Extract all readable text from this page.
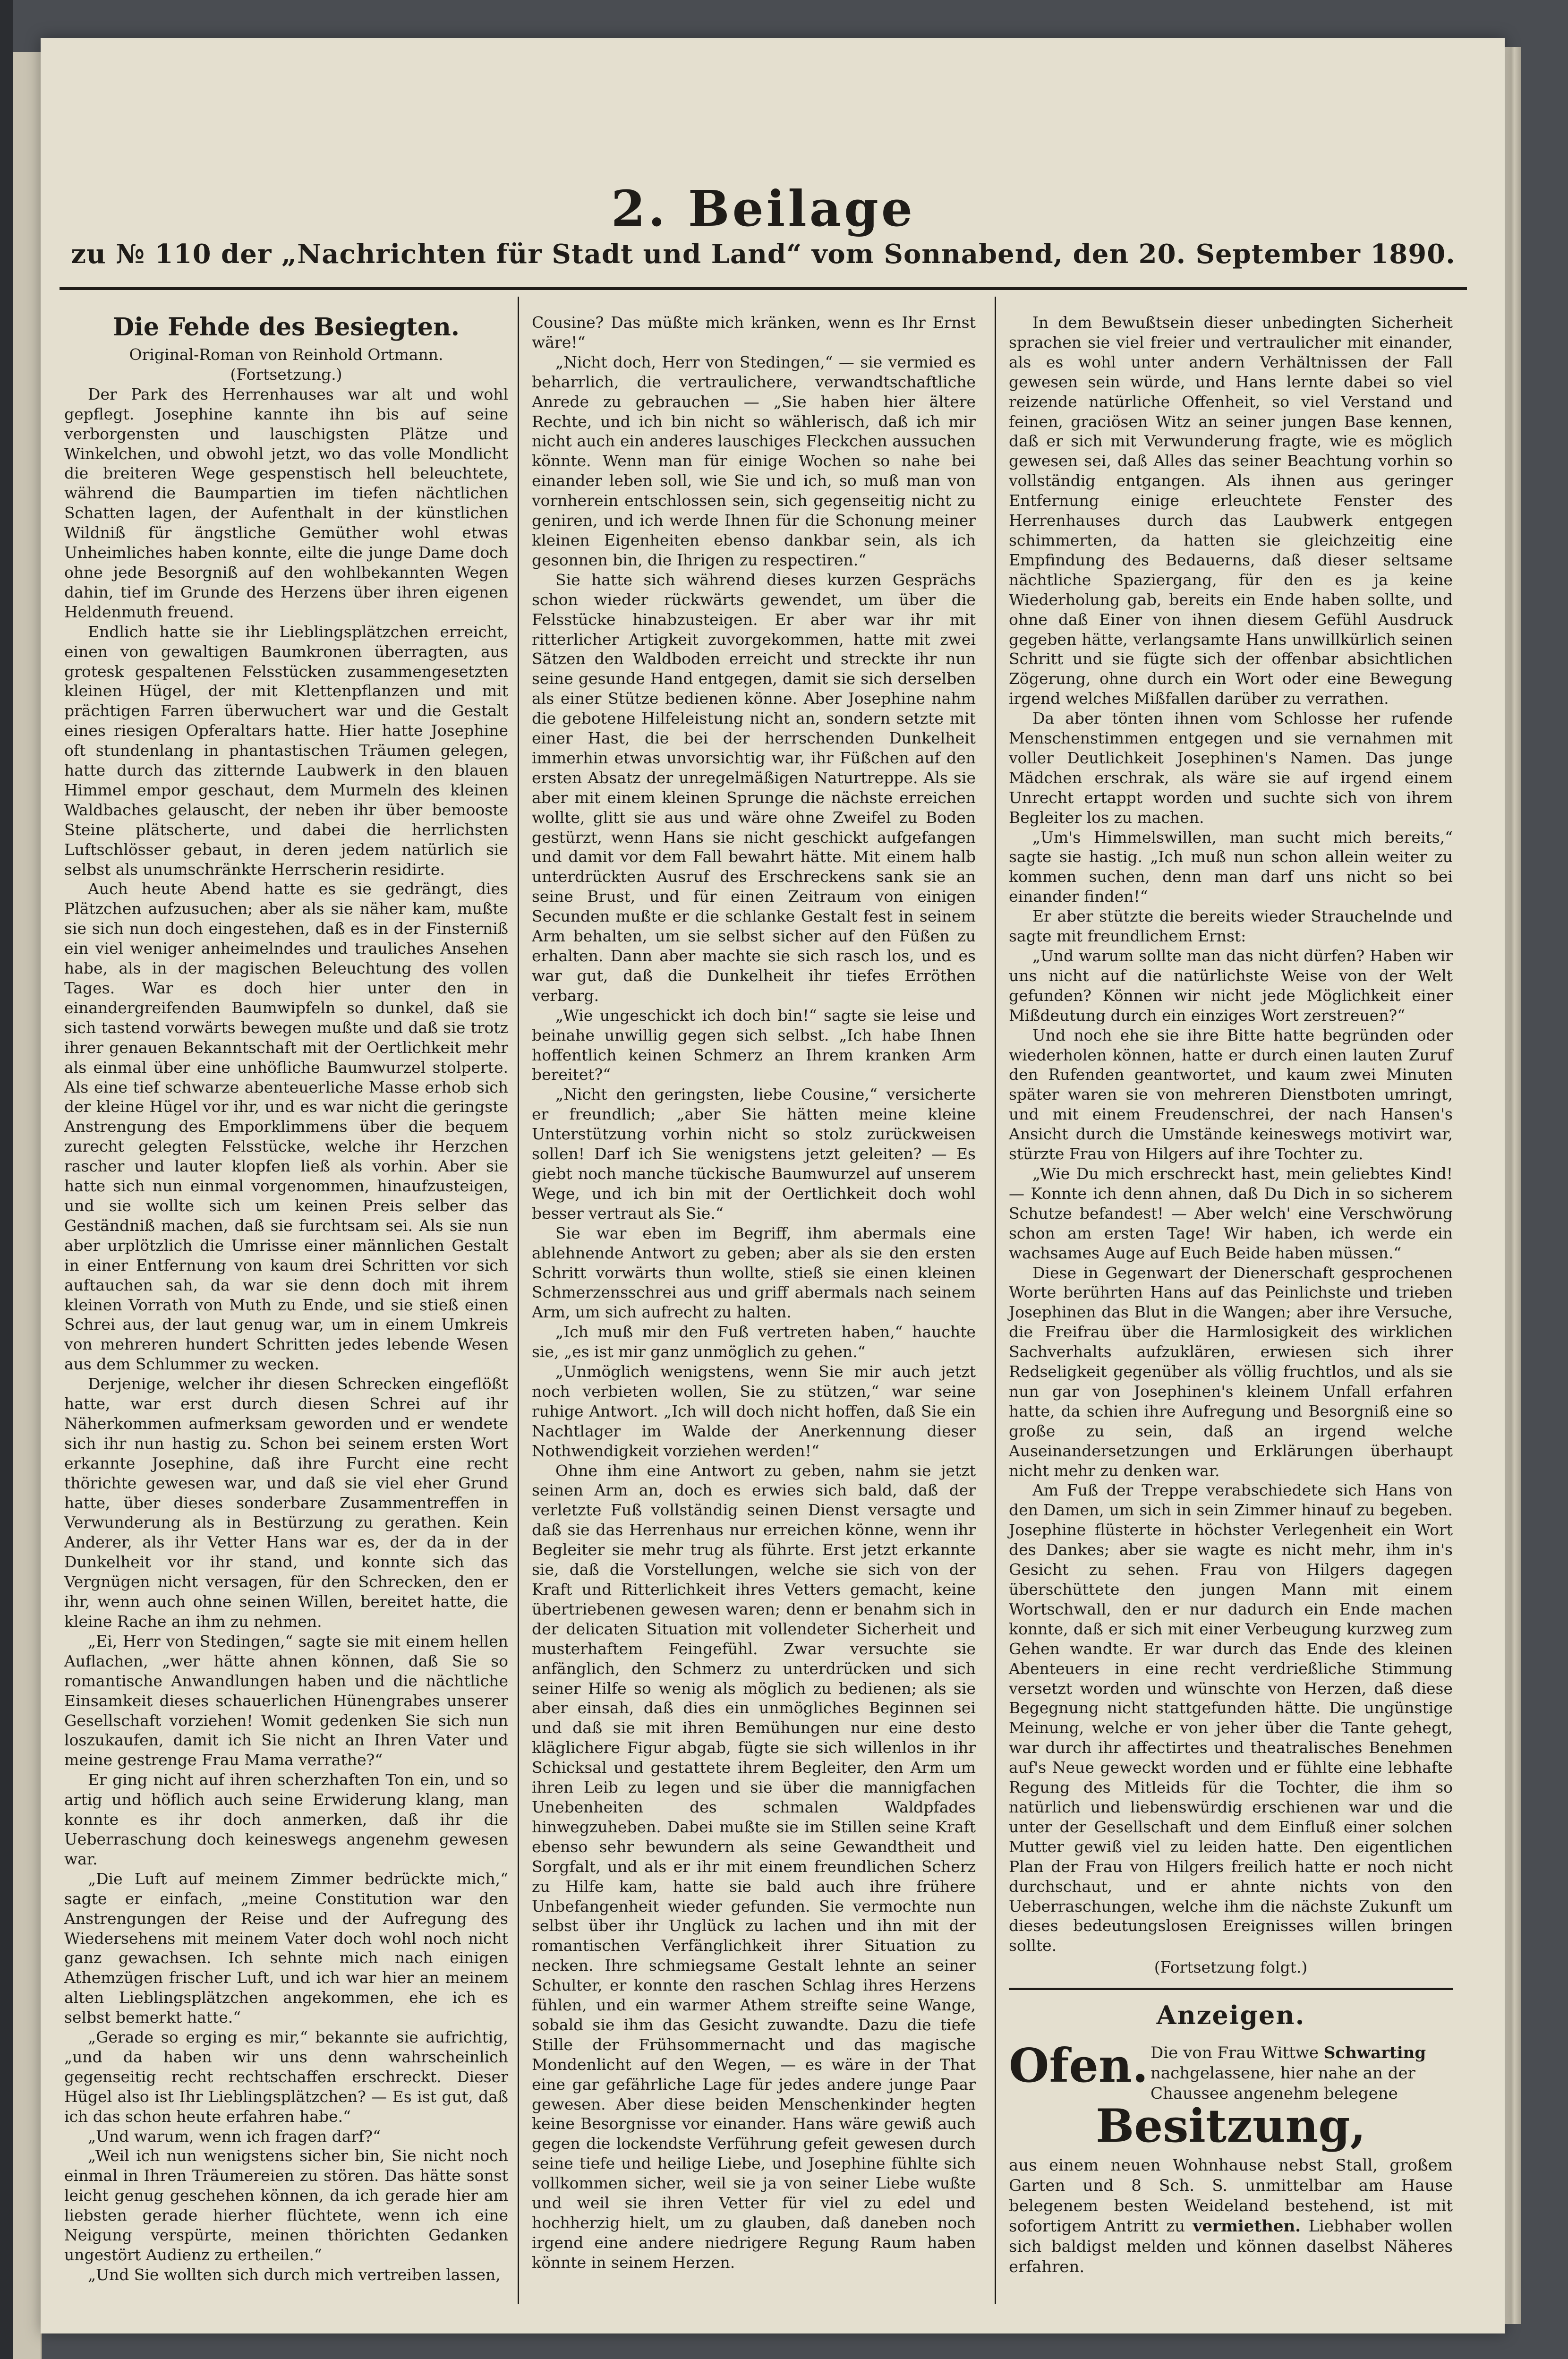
2. Beilage
zu № 110 der „Nachrichten für Stadt und Land“ vom Sonnabend, den 20. September 1890.
Die Fehde des Besiegten.

Original-Roman von Reinhold Ortmann.

(Fortsetzung.)

Der Park des Herrenhauses war alt und wohl gepflegt. Josephine kannte ihn bis auf seine verborgensten und lauschigsten Plätze und Winkelchen, und obwohl jetzt, wo das volle Mondlicht die breiteren Wege gespenstisch hell beleuchtete, während die Baumpartien im tiefen nächtlichen Schatten lagen, der Aufenthalt in der künstlichen Wildniß für ängstliche Gemüther wohl etwas Unheimliches haben konnte, eilte die junge Dame doch ohne jede Besorgniß auf den wohlbekannten Wegen dahin, tief im Grunde des Herzens über ihren eigenen Heldenmuth freuend.

Endlich hatte sie ihr Lieblingsplätzchen erreicht, einen von gewaltigen Baumkronen überragten, aus grotesk gespaltenen Felsstücken zusammengesetzten kleinen Hügel, der mit Klettenpflanzen und mit prächtigen Farren überwuchert war und die Gestalt eines riesigen Opferaltars hatte. Hier hatte Josephine oft stundenlang in phantastischen Träumen gelegen, hatte durch das zitternde Laubwerk in den blauen Himmel empor geschaut, dem Murmeln des kleinen Waldbaches gelauscht, der neben ihr über bemooste Steine plätscherte, und dabei die herrlichsten Luftschlösser gebaut, in deren jedem natürlich sie selbst als unumschränkte Herrscherin residirte.

Auch heute Abend hatte es sie gedrängt, dies Plätzchen aufzusuchen; aber als sie näher kam, mußte sie sich nun doch eingestehen, daß es in der Finsterniß ein viel weniger anheimelndes und trauliches Ansehen habe, als in der magischen Beleuchtung des vollen Tages. War es doch hier unter den in einandergreifenden Baumwipfeln so dunkel, daß sie sich tastend vorwärts bewegen mußte und daß sie trotz ihrer genauen Bekanntschaft mit der Oertlichkeit mehr als einmal über eine unhöfliche Baumwurzel stolperte. Als eine tief schwarze abenteuerliche Masse erhob sich der kleine Hügel vor ihr, und es war nicht die geringste Anstrengung des Emporklimmens über die bequem zurecht gelegten Felsstücke, welche ihr Herzchen rascher und lauter klopfen ließ als vorhin. Aber sie hatte sich nun einmal vorgenommen, hinaufzusteigen, und sie wollte sich um keinen Preis selber das Geständniß machen, daß sie furchtsam sei. Als sie nun aber urplötzlich die Umrisse einer männlichen Gestalt in einer Entfernung von kaum drei Schritten vor sich auftauchen sah, da war sie denn doch mit ihrem kleinen Vorrath von Muth zu Ende, und sie stieß einen Schrei aus, der laut genug war, um in einem Umkreis von mehreren hundert Schritten jedes lebende Wesen aus dem Schlummer zu wecken.

Derjenige, welcher ihr diesen Schrecken eingeflößt hatte, war erst durch diesen Schrei auf ihr Näherkommen aufmerksam geworden und er wendete sich ihr nun hastig zu. Schon bei seinem ersten Wort erkannte Josephine, daß ihre Furcht eine recht thörichte gewesen war, und daß sie viel eher Grund hatte, über dieses sonderbare Zusammentreffen in Verwunderung als in Bestürzung zu gerathen. Kein Anderer, als ihr Vetter Hans war es, der da in der Dunkelheit vor ihr stand, und konnte sich das Vergnügen nicht versagen, für den Schrecken, den er ihr, wenn auch ohne seinen Willen, bereitet hatte, die kleine Rache an ihm zu nehmen.

„Ei, Herr von Stedingen,“ sagte sie mit einem hellen Auflachen, „wer hätte ahnen können, daß Sie so romantische Anwandlungen haben und die nächtliche Einsamkeit dieses schauerlichen Hünengrabes unserer Gesellschaft vorziehen! Womit gedenken Sie sich nun loszukaufen, damit ich Sie nicht an Ihren Vater und meine gestrenge Frau Mama verrathe?“

Er ging nicht auf ihren scherzhaften Ton ein, und so artig und höflich auch seine Erwiderung klang, man konnte es ihr doch anmerken, daß ihr die Ueberraschung doch keineswegs angenehm gewesen war.

„Die Luft auf meinem Zimmer bedrückte mich,“ sagte er einfach, „meine Constitution war den Anstrengungen der Reise und der Aufregung des Wiedersehens mit meinem Vater doch wohl noch nicht ganz gewachsen. Ich sehnte mich nach einigen Athemzügen frischer Luft, und ich war hier an meinem alten Lieblingsplätzchen angekommen, ehe ich es selbst bemerkt hatte.“

„Gerade so erging es mir,“ bekannte sie aufrichtig, „und da haben wir uns denn wahrscheinlich gegenseitig recht rechtschaffen erschreckt. Dieser Hügel also ist Ihr Lieblingsplätzchen? — Es ist gut, daß ich das schon heute erfahren habe.“

„Und warum, wenn ich fragen darf?“

„Weil ich nun wenigstens sicher bin, Sie nicht noch einmal in Ihren Träumereien zu stören. Das hätte sonst leicht genug geschehen können, da ich gerade hier am liebsten gerade hierher flüchtete, wenn ich eine Neigung verspürte, meinen thörichten Gedanken ungestört Audienz zu ertheilen.“

„Und Sie wollten sich durch mich vertreiben lassen,

Cousine? Das müßte mich kränken, wenn es Ihr Ernst wäre!“

„Nicht doch, Herr von Stedingen,“ — sie vermied es beharrlich, die vertraulichere, verwandtschaftliche Anrede zu gebrauchen — „Sie haben hier ältere Rechte, und ich bin nicht so wählerisch, daß ich mir nicht auch ein anderes lauschiges Fleckchen aussuchen könnte. Wenn man für einige Wochen so nahe bei einander leben soll, wie Sie und ich, so muß man von vornherein entschlossen sein, sich gegenseitig nicht zu geniren, und ich werde Ihnen für die Schonung meiner kleinen Eigenheiten ebenso dankbar sein, als ich gesonnen bin, die Ihrigen zu respectiren.“

Sie hatte sich während dieses kurzen Gesprächs schon wieder rückwärts gewendet, um über die Felsstücke hinabzusteigen. Er aber war ihr mit ritterlicher Artigkeit zuvorgekommen, hatte mit zwei Sätzen den Waldboden erreicht und streckte ihr nun seine gesunde Hand entgegen, damit sie sich derselben als einer Stütze bedienen könne. Aber Josephine nahm die gebotene Hilfeleistung nicht an, sondern setzte mit einer Hast, die bei der herrschenden Dunkelheit immerhin etwas unvorsichtig war, ihr Füßchen auf den ersten Absatz der unregelmäßigen Naturtreppe. Als sie aber mit einem kleinen Sprunge die nächste erreichen wollte, glitt sie aus und wäre ohne Zweifel zu Boden gestürzt, wenn Hans sie nicht geschickt aufgefangen und damit vor dem Fall bewahrt hätte. Mit einem halb unterdrückten Ausruf des Erschreckens sank sie an seine Brust, und für einen Zeitraum von einigen Secunden mußte er die schlanke Gestalt fest in seinem Arm behalten, um sie selbst sicher auf den Füßen zu erhalten. Dann aber machte sie sich rasch los, und es war gut, daß die Dunkelheit ihr tiefes Erröthen verbarg.

„Wie ungeschickt ich doch bin!“ sagte sie leise und beinahe unwillig gegen sich selbst. „Ich habe Ihnen hoffentlich keinen Schmerz an Ihrem kranken Arm bereitet?“

„Nicht den geringsten, liebe Cousine,“ versicherte er freundlich; „aber Sie hätten meine kleine Unterstützung vorhin nicht so stolz zurückweisen sollen! Darf ich Sie wenigstens jetzt geleiten? — Es giebt noch manche tückische Baumwurzel auf unserem Wege, und ich bin mit der Oertlichkeit doch wohl besser vertraut als Sie.“

Sie war eben im Begriff, ihm abermals eine ablehnende Antwort zu geben; aber als sie den ersten Schritt vorwärts thun wollte, stieß sie einen kleinen Schmerzensschrei aus und griff abermals nach seinem Arm, um sich aufrecht zu halten.

„Ich muß mir den Fuß vertreten haben,“ hauchte sie, „es ist mir ganz unmöglich zu gehen.“

„Unmöglich wenigstens, wenn Sie mir auch jetzt noch verbieten wollen, Sie zu stützen,“ war seine ruhige Antwort. „Ich will doch nicht hoffen, daß Sie ein Nachtlager im Walde der Anerkennung dieser Nothwendigkeit vorziehen werden!“

Ohne ihm eine Antwort zu geben, nahm sie jetzt seinen Arm an, doch es erwies sich bald, daß der verletzte Fuß vollständig seinen Dienst versagte und daß sie das Herrenhaus nur erreichen könne, wenn ihr Begleiter sie mehr trug als führte. Erst jetzt erkannte sie, daß die Vorstellungen, welche sie sich von der Kraft und Ritterlichkeit ihres Vetters gemacht, keine übertriebenen gewesen waren; denn er benahm sich in der delicaten Situation mit vollendeter Sicherheit und musterhaftem Feingefühl. Zwar versuchte sie anfänglich, den Schmerz zu unterdrücken und sich seiner Hilfe so wenig als möglich zu bedienen; als sie aber einsah, daß dies ein unmögliches Beginnen sei und daß sie mit ihren Bemühungen nur eine desto kläglichere Figur abgab, fügte sie sich willenlos in ihr Schicksal und gestattete ihrem Begleiter, den Arm um ihren Leib zu legen und sie über die mannigfachen Unebenheiten des schmalen Waldpfades hinwegzuheben. Dabei mußte sie im Stillen seine Kraft ebenso sehr bewundern als seine Gewandtheit und Sorgfalt, und als er ihr mit einem freundlichen Scherz zu Hilfe kam, hatte sie bald auch ihre frühere Unbefangenheit wieder gefunden. Sie vermochte nun selbst über ihr Unglück zu lachen und ihn mit der romantischen Verfänglichkeit ihrer Situation zu necken. Ihre schmiegsame Gestalt lehnte an seiner Schulter, er konnte den raschen Schlag ihres Herzens fühlen, und ein warmer Athem streifte seine Wange, sobald sie ihm das Gesicht zuwandte. Dazu die tiefe Stille der Frühsommernacht und das magische Mondenlicht auf den Wegen, — es wäre in der That eine gar gefährliche Lage für jedes andere junge Paar gewesen. Aber diese beiden Menschenkinder hegten keine Besorgnisse vor einander. Hans wäre gewiß auch gegen die lockendste Verführung gefeit gewesen durch seine tiefe und heilige Liebe, und Josephine fühlte sich vollkommen sicher, weil sie ja von seiner Liebe wußte und weil sie ihren Vetter für viel zu edel und hochherzig hielt, um zu glauben, daß daneben noch irgend eine andere niedrigere Regung Raum haben könnte in seinem Herzen.

In dem Bewußtsein dieser unbedingten Sicherheit sprachen sie viel freier und vertraulicher mit einander, als es wohl unter andern Verhältnissen der Fall gewesen sein würde, und Hans lernte dabei so viel reizende natürliche Offenheit, so viel Verstand und feinen, graciösen Witz an seiner jungen Base kennen, daß er sich mit Verwunderung fragte, wie es möglich gewesen sei, daß Alles das seiner Beachtung vorhin so vollständig entgangen. Als ihnen aus geringer Entfernung einige erleuchtete Fenster des Herrenhauses durch das Laubwerk entgegen schimmerten, da hatten sie gleichzeitig eine Empfindung des Bedauerns, daß dieser seltsame nächtliche Spaziergang, für den es ja keine Wiederholung gab, bereits ein Ende haben sollte, und ohne daß Einer von ihnen diesem Gefühl Ausdruck gegeben hätte, verlangsamte Hans unwillkürlich seinen Schritt und sie fügte sich der offenbar absichtlichen Zögerung, ohne durch ein Wort oder eine Bewegung irgend welches Mißfallen darüber zu verrathen.

Da aber tönten ihnen vom Schlosse her rufende Menschenstimmen entgegen und sie vernahmen mit voller Deutlichkeit Josephinen's Namen. Das junge Mädchen erschrak, als wäre sie auf irgend einem Unrecht ertappt worden und suchte sich von ihrem Begleiter los zu machen.

„Um's Himmelswillen, man sucht mich bereits,“ sagte sie hastig. „Ich muß nun schon allein weiter zu kommen suchen, denn man darf uns nicht so bei einander finden!“

Er aber stützte die bereits wieder Strauchelnde und sagte mit freundlichem Ernst:

„Und warum sollte man das nicht dürfen? Haben wir uns nicht auf die natürlichste Weise von der Welt gefunden? Können wir nicht jede Möglichkeit einer Mißdeutung durch ein einziges Wort zerstreuen?“

Und noch ehe sie ihre Bitte hatte begründen oder wiederholen können, hatte er durch einen lauten Zuruf den Rufenden geantwortet, und kaum zwei Minuten später waren sie von mehreren Dienstboten umringt, und mit einem Freudenschrei, der nach Hansen's Ansicht durch die Umstände keineswegs motivirt war, stürzte Frau von Hilgers auf ihre Tochter zu.

„Wie Du mich erschreckt hast, mein geliebtes Kind! — Konnte ich denn ahnen, daß Du Dich in so sicherem Schutze befandest! — Aber welch' eine Verschwörung schon am ersten Tage! Wir haben, ich werde ein wachsames Auge auf Euch Beide haben müssen.“

Diese in Gegenwart der Dienerschaft gesprochenen Worte berührten Hans auf das Peinlichste und trieben Josephinen das Blut in die Wangen; aber ihre Versuche, die Freifrau über die Harmlosigkeit des wirklichen Sachverhalts aufzuklären, erwiesen sich ihrer Redseligkeit gegenüber als völlig fruchtlos, und als sie nun gar von Josephinen's kleinem Unfall erfahren hatte, da schien ihre Aufregung und Besorgniß eine so große zu sein, daß an irgend welche Auseinandersetzungen und Erklärungen überhaupt nicht mehr zu denken war.

Am Fuß der Treppe verabschiedete sich Hans von den Damen, um sich in sein Zimmer hinauf zu begeben. Josephine flüsterte in höchster Verlegenheit ein Wort des Dankes; aber sie wagte es nicht mehr, ihm in's Gesicht zu sehen. Frau von Hilgers dagegen überschüttete den jungen Mann mit einem Wortschwall, den er nur dadurch ein Ende machen konnte, daß er sich mit einer Verbeugung kurzweg zum Gehen wandte. Er war durch das Ende des kleinen Abenteuers in eine recht verdrießliche Stimmung versetzt worden und wünschte von Herzen, daß diese Begegnung nicht stattgefunden hätte. Die ungünstige Meinung, welche er von jeher über die Tante gehegt, war durch ihr affectirtes und theatralisches Benehmen auf's Neue geweckt worden und er fühlte eine lebhafte Regung des Mitleids für die Tochter, die ihm so natürlich und liebenswürdig erschienen war und die unter der Gesellschaft und dem Einfluß einer solchen Mutter gewiß viel zu leiden hatte. Den eigentlichen Plan der Frau von Hilgers freilich hatte er noch nicht durchschaut, und er ahnte nichts von den Ueberraschungen, welche ihm die nächste Zukunft um dieses bedeutungslosen Ereignisses willen bringen sollte.

(Fortsetzung folgt.)

Anzeigen.
Ofen. Die von Frau Wittwe Schwarting nachgelassene, hier nahe an der Chaussee angenehm belegene
Besitzung,
aus einem neuen Wohnhause nebst Stall, großem Garten und 8 Sch. S. unmittelbar am Hause belegenem besten Weideland bestehend, ist mit sofortigem Antritt zu vermiethen. Liebhaber wollen sich baldigst melden und können daselbst Näheres erfahren.
